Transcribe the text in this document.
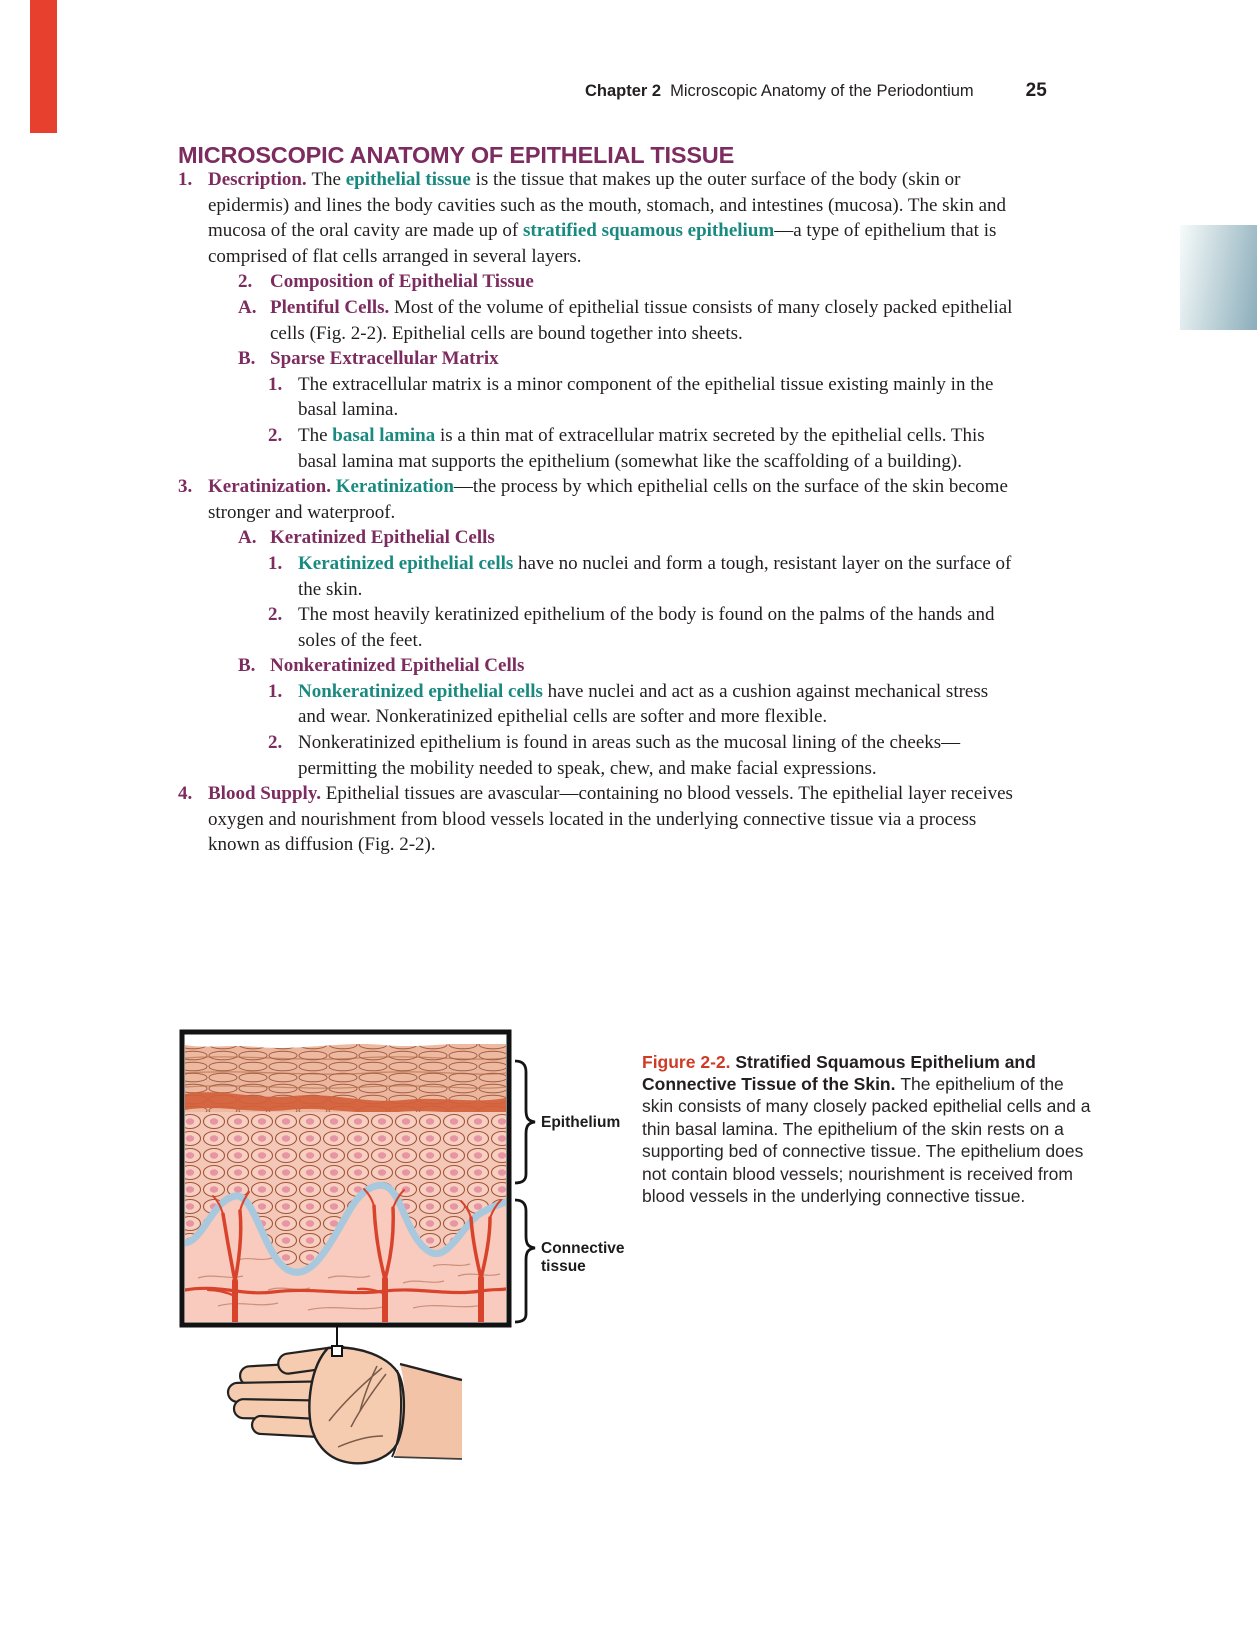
Chapter 2 Microscopic Anatomy of the Periodontium	25
MICROSCOPIC ANATOMY OF EPITHELIAL TISSUE
1. Description. The epithelial tissue is the tissue that makes up the outer surface of the body (skin or epidermis) and lines the body cavities such as the mouth, stomach, and intestines (mucosa). The skin and mucosa of the oral cavity are made up of stratified squamous epithelium—a type of epithelium that is comprised of flat cells arranged in several layers.
2. Composition of Epithelial Tissue
A. Plentiful Cells. Most of the volume of epithelial tissue consists of many closely packed epithelial cells (Fig. 2-2). Epithelial cells are bound together into sheets.
B. Sparse Extracellular Matrix
1. The extracellular matrix is a minor component of the epithelial tissue existing mainly in the basal lamina.
2. The basal lamina is a thin mat of extracellular matrix secreted by the epithelial cells. This basal lamina mat supports the epithelium (somewhat like the scaffolding of a building).
3. Keratinization. Keratinization—the process by which epithelial cells on the surface of the skin become stronger and waterproof.
A. Keratinized Epithelial Cells
1. Keratinized epithelial cells have no nuclei and form a tough, resistant layer on the surface of the skin.
2. The most heavily keratinized epithelium of the body is found on the palms of the hands and soles of the feet.
B. Nonkeratinized Epithelial Cells
1. Nonkeratinized epithelial cells have nuclei and act as a cushion against mechanical stress and wear. Nonkeratinized epithelial cells are softer and more flexible.
2. Nonkeratinized epithelium is found in areas such as the mucosal lining of the cheeks—permitting the mobility needed to speak, chew, and make facial expressions.
4. Blood Supply. Epithelial tissues are avascular—containing no blood vessels. The epithelial layer receives oxygen and nourishment from blood vessels located in the underlying connective tissue via a process known as diffusion (Fig. 2-2).

Figure 2-2. Stratified Squamous Epithelium and Connective Tissue of the Skin. The epithelium of the skin consists of many closely packed epithelial cells and a thin basal lamina. The epithelium of the skin rests on a supporting bed of connective tissue. The epithelium does not contain blood vessels; nourishment is received from blood vessels in the underlying connective tissue.

Epithelium
Connective
tissue
